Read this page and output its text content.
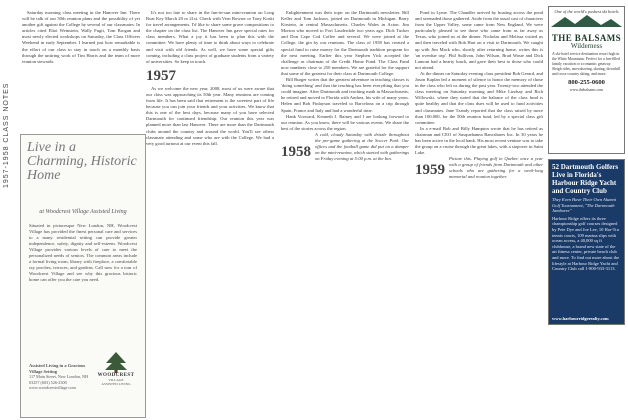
1957-1958 CLASS NOTES

Saturday morning class meeting in the Hanover Inn. There will be talk of our 50th reunion plans and the possibility of yet another gift against the College by several of our classmates. In articles cited Eliot Weinstein, Wally Fugit, Tom Brogan and most newly elected workshops on Saturday, the Class Officers Weekend in early September. I learned just how remarkable is the effort of our class to stay in touch on a monthly basis through the untiring work of Tim Harris and the team of more reunion stewards.

Live in a Charming, Historic Home
at Woodcrest Village Assisted Living
Situated in picturesque New London, NH, Woodcrest Village has provided the finest personal care and services to a many residential setting can provide greater independence, safety, dignity and self-esteem. Woodcrest Village provides various levels of care to meet the personalized needs of seniors. The common areas include a formal living room, library with fireplace, a comfortable ray porches, terraces, and gardens. Call now for a tour of Woodcrest Village and see why this gracious historic home can offer you the care you need.
Assisted Living in a Gracious Village Setting
117 Main Street, New London, NH 03257 (603) 526-2300 www.woodcrestvillage.com
WOODCREST
VILLAGE
ASSISTED LIVING

It's not too late to share in the fun-in-sun mini-reunion on Long Boat Key March 20 or 21st. Check with Vern Bowser or Tony Koski for travel arrangements. I'd like to share some grave compositions to the chapter on the class list. The Hanover Inn gave special rates for class members. What a joy it has been to plan this with the committee. We have plenty of time to think about ways to celebrate and visit with old friends. As well, we have some special gifts coming, including a class project of graduate students from a variety of universities. So keep in touch.

1957

As we welcome the new year, 2008, most of us were aware that our class was approaching its 50th year. Many reunions are coming from life. It has been said that retirement is the sweetest part of life because you can join your friends and your activities. We know that this is one of the best days, because many of you have selected Dartmouth for continued friendship. Our reunion this year was planned more than last Hanover. There are more than the Dartmouth clubs around the country and around the world. You'll see others classmate attending and some who are with the College. We had a very good turnout at our event this fall.

Enlightenment was their topic on the Dartmouth newsletter. Bill Keller and Tom Jackson, joined on Dartmouth in Michigan. Barry Kirstein, in central Massachusetts. Charles Wales in Acton. Jim Morton who moved to Fort Lauderdale two years ago. Dick Tucker and Don Cape Cod Coffee and several. We were joined at the College, the gin by our reunions. The class of 1958 has created a special fund to raise money for the Dartmouth tradition program for the next meeting. Earlier this year Stephen Vick accepted the challenge as chairman of the Credit Home Fund. The Class Fund now numbers close to 250 members. We are grateful for the support that some of the greatest for their class at Dartmouth College.

Bill Burger writes that the greatest adventure in teaching classes is 'doing something' and that the teaching has been everything that you could imagine. After Dartmouth and teaching math in Massachusetts, he retired and moved to Florida with Andrea, his wife of many years. Helen and Bob Finlayson traveled to Barcelona on a trip through Spain, France and Italy and had a wonderful time.

Hank Vooward, Kenneth J. Rainey and I are looking forward to our reunion. As you know, there will be various events. We share the best of the stories across the region.

1958
A cold, cloudy Saturday with drizzle throughout the pre-game gathering at the Soccer Park. Our offices and the football game did put on a damper on the mini-reunion, which started with gatherings on Friday evening at 5:00 p.m. at the Inn.

Pond in Lyme. The Chandler arrived by boating across the pond and serenaded those gathered. Aside from the usual cast of characters from the Upper Valley, some came from New England. We were particularly pleased to see those who came from as far away as Texas, who joined us at the dinner. Nicholas and Melissa visited us and then traveled with Bob Hart on a visit to Dartmouth. We caught up with Jim Mack who, shortly after returning home, writes this is 'an overdue trip'. Phil Sullivan, John Wilson, Brad Waste and Dick Lamont had a hearty lunch, and gave their best to those who could not attend.

At the dinner on Saturday evening class president Bob Gerard, and Jason Kaplan led a moment of silence to honor the memory of those in the class who left us during the past year. Twenty-two attended the class meeting on Saturday morning and Mike Lindsay and Rich Willowski, where they noted that the balance of the class fund is quite healthy and that the class dues will be used to fund activities and classmates. Jane Tzandy reported that the class raised by more than 100,000, for the 50th reunion fund, led by a special class gift committee.

In a e-mail Bob and Billy Hampton wrote that he has retired as chairman and CEO of Susquehanna Bancshares Inc. In 30 years he has been active in the local bank. His most recent venture was to take the group on a cruise through the great lakes, with a stopover in Saint Lake.

1959
Picture this. Playing golf in Quebec once a year with a group of friends from Dartmouth and other schools who are gathering for a week-long memorial and reunion together.
One of the world's poshest ski hotels
THE BALSAMS
Wilderness
A ski-hotel service destination resort high in the White Mountains. Perfect for a fun-filled family vacation or a romantic getaway. Sleigh rides, snowshoeing, skating, downhill and cross-country skiing, and more.
800-255-0600
www.thebalsams.com
52 Dartmouth Golfers Live in Florida's Harbour Ridge Yacht and Country Club
They Even Have Their Own Alumni Golf Tournament, "The Dartmouth Jamboree"
Harbour Ridge offers its three championship golf courses designed by Pete Dye and Joe Lee, 10 Har-Tru tennis courts, 109 marina slips with ocean access, a 40,000 sq ft clubhouse, a brand new state of the art fitness center, private beach club and more. To find out more about the lifestyle at Harbour Ridge Yacht and Country Club call 1-800-933-3113.
www.harbourridgerealty.com
